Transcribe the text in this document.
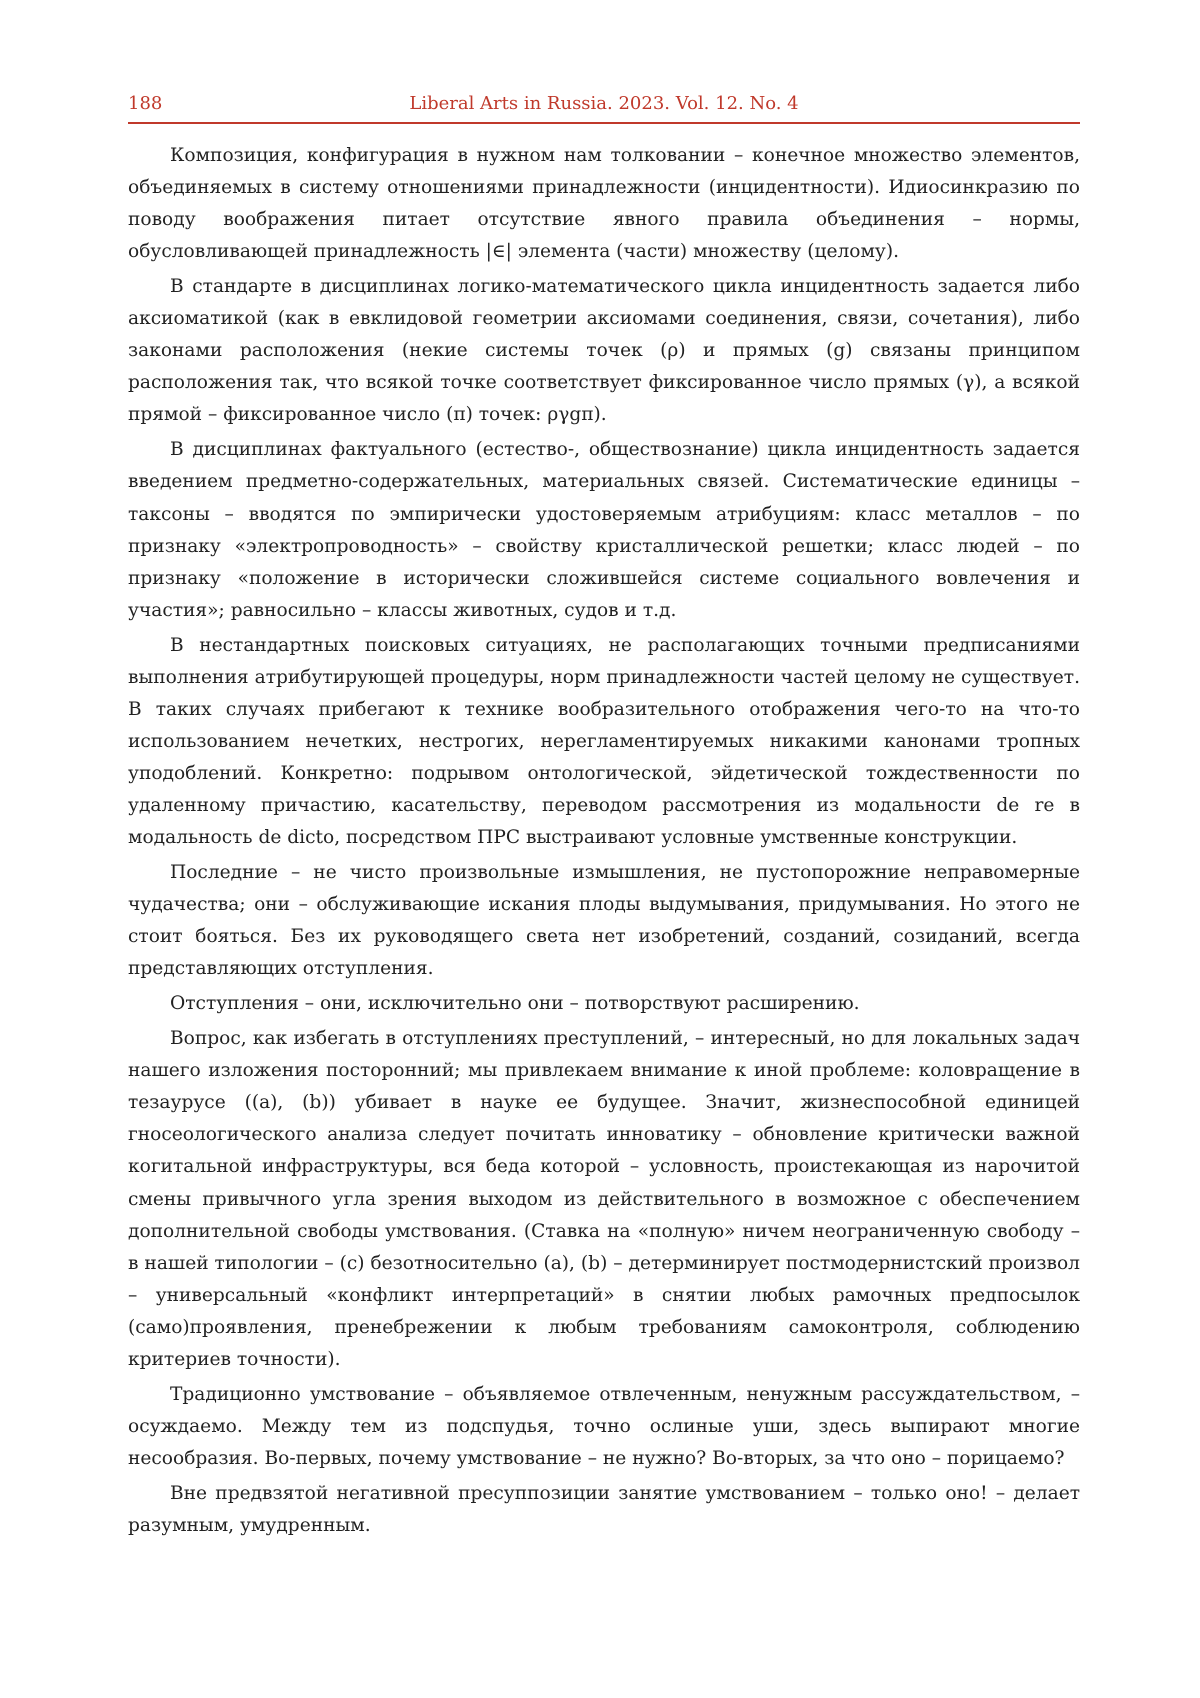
188	Liberal Arts in Russia. 2023. Vol. 12. No. 4

Композиция, конфигурация в нужном нам толковании – конечное множество элементов, объединяемых в систему отношениями принадлежности (инцидентности). Идиосинкразию по поводу воображения питает отсутствие явного правила объединения – нормы, обусловливающей принадлежность |∈| элемента (части) множеству (целому).

В стандарте в дисциплинах логико-математического цикла инцидентность задается либо аксиоматикой (как в евклидовой геометрии аксиомами соединения, связи, сочетания), либо законами расположения (некие системы точек (ρ) и прямых (g) связаны принципом расположения так, что всякой точке соответствует фиксированное число прямых (γ), а всякой прямой – фиксированное число (π) точек: ργgπ).

В дисциплинах фактуального (естество-, обществознание) цикла инцидентность задается введением предметно-содержательных, материальных связей. Систематические единицы – таксоны – вводятся по эмпирически удостоверяемым атрибуциям: класс металлов – по признаку «электропроводность» – свойству кристаллической решетки; класс людей – по признаку «положение в исторически сложившейся системе социального вовлечения и участия»; равносильно – классы животных, судов и т.д.

В нестандартных поисковых ситуациях, не располагающих точными предписаниями выполнения атрибутирующей процедуры, норм принадлежности частей целому не существует. В таких случаях прибегают к технике вообразительного отображения чего-то на что-то использованием нечетких, нестрогих, нерегламентируемых никакими канонами тропных уподоблений. Конкретно: подрывом онтологической, эйдетической тождественности по удаленному причастию, касательству, переводом рассмотрения из модальности de re в модальность de dicto, посредством ПРС выстраивают условные умственные конструкции.

Последние – не чисто произвольные измышления, не пустопорожние неправомерные чудачества; они – обслуживающие искания плоды выдумывания, придумывания. Но этого не стоит бояться. Без их руководящего света нет изобретений, созданий, созиданий, всегда представляющих отступления.

Отступления – они, исключительно они – потворствуют расширению.

Вопрос, как избегать в отступлениях преступлений, – интересный, но для локальных задач нашего изложения посторонний; мы привлекаем внимание к иной проблеме: коловращение в тезаурусе ((a), (b)) убивает в науке ее будущее. Значит, жизнеспособной единицей гносеологического анализа следует почитать инноватику – обновление критически важной когитальной инфраструктуры, вся беда которой – условность, проистекающая из нарочитой смены привычного угла зрения выходом из действительного в возможное с обеспечением дополнительной свободы умствования. (Ставка на «полную» ничем неограниченную свободу – в нашей типологии – (c) безотносительно (a), (b) – детерминирует постмодернистский произвол – универсальный «конфликт интерпретаций» в снятии любых рамочных предпосылок (само)проявления, пренебрежении к любым требованиям самоконтроля, соблюдению критериев точности).

Традиционно умствование – объявляемое отвлеченным, ненужным рассуждательством, – осуждаемо. Между тем из подспудья, точно ослиные уши, здесь выпирают многие несообразия. Во-первых, почему умствование – не нужно? Во-вторых, за что оно – порицаемо?

Вне предвзятой негативной пресуппозиции занятие умствованием – только оно! – делает разумным, умудренным.
